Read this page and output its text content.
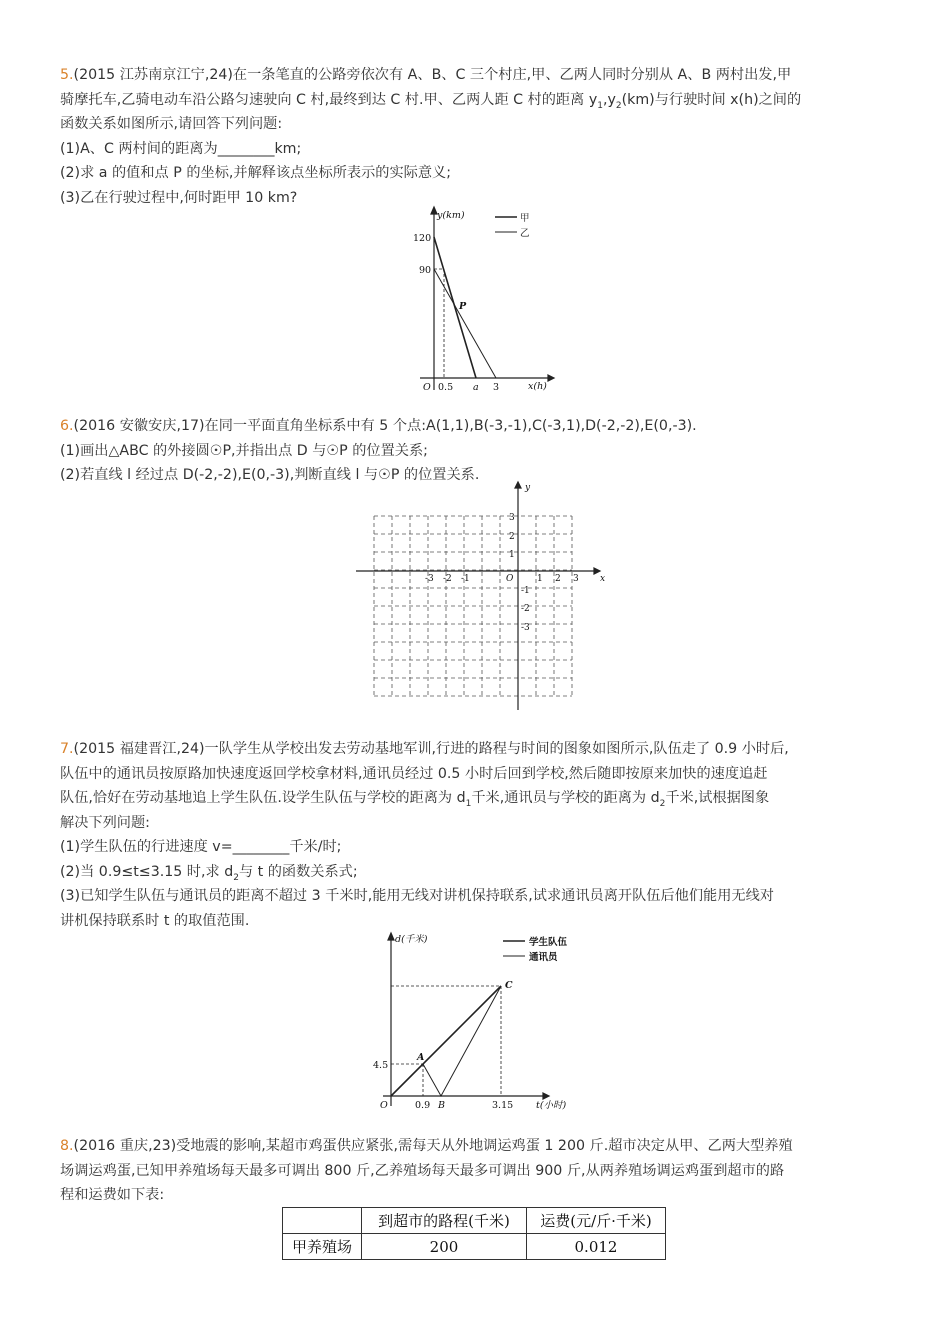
5.(2015 江苏南京江宁,24)在一条笔直的公路旁依次有 A、B、C 三个村庄,甲、乙两人同时分别从 A、B 两村出发,甲

骑摩托车,乙骑电动车沿公路匀速驶向 C 村,最终到达 C 村.甲、乙两人距 C 村的距离 $y_1,y_2(km)$与行驶时间 x(h)之间的

函数关系如图所示,请回答下列问题:

(1)A、C 两村间的距离为________km;

(2)求 a 的值和点 P 的坐标,并解释该点坐标所表示的实际意义;

(3)乙在行驶过程中,何时距甲 10 km?

y(km)
x(h)
O
120
90
0.5 a 3
P
甲
乙

6.(2016 安徽安庆,17)在同一平面直角坐标系中有 5 个点:A(1,1),B(-3,-1),C(-3,1),D(-2,-2),E(0,-3).

(1)画出△ABC 的外接圆☉P,并指出点 D 与☉P 的位置关系;

(2)若直线 l 经过点 D(-2,-2),E(0,-3),判断直线 l 与☉P 的位置关系.

x
y
O
-3 -2 -1	1 2 3
3
2
1
-1
-2
-3

7.(2015 福建晋江,24)一队学生从学校出发去劳动基地军训,行进的路程与时间的图象如图所示,队伍走了 0.9 小时后,

队伍中的通讯员按原路加快速度返回学校拿材料,通讯员经过 0.5 小时后回到学校,然后随即按原来加快的速度追赶

队伍,恰好在劳动基地追上学生队伍.设学生队伍与学校的距离为 $d_1$千米,通讯员与学校的距离为 $d_2$千米,试根据图象

解决下列问题:

(1)学生队伍的行进速度 v=________千米/时;

(2)当 0.9≤t≤3.15 时,求 $d_2$与 t 的函数关系式;

(3)已知学生队伍与通讯员的距离不超过 3 千米时,能用无线对讲机保持联系,试求通讯员离开队伍后他们能用无线对

讲机保持联系时 t 的取值范围.

d(千米)
t(小时)
O
4.5
0.9 B	3.15
A
C
学生队伍
通讯员

8.(2016 重庆,23)受地震的影响,某超市鸡蛋供应紧张,需每天从外地调运鸡蛋 1 200 斤.超市决定从甲、乙两大型养殖

场调运鸡蛋,已知甲养殖场每天最多可调出 800 斤,乙养殖场每天最多可调出 900 斤,从两养殖场调运鸡蛋到超市的路

程和运费如下表:

	到超市的路程(千米)	运费(元/斤·千米)
甲养殖场	200	0.012
